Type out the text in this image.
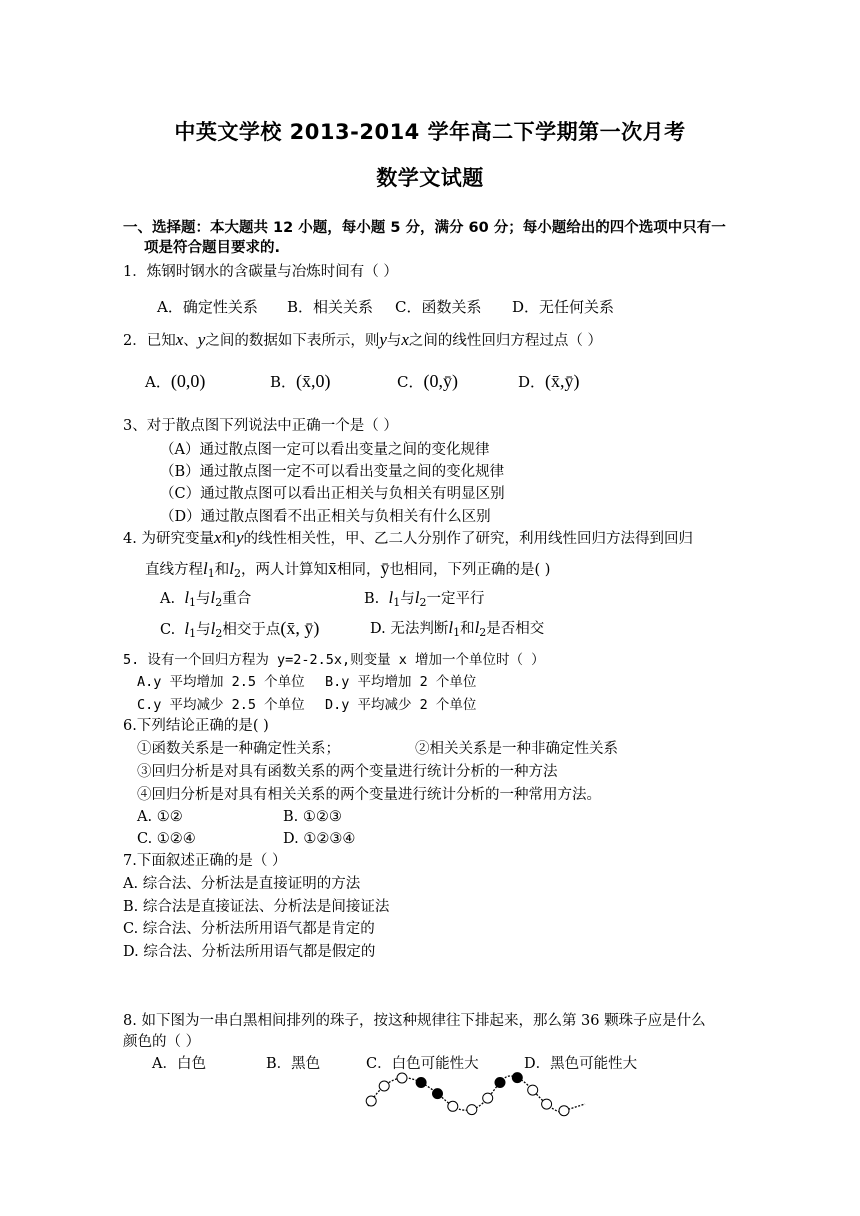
中英文学校 2013-2014 学年高二下学期第一次月考
数学文试题
一、选择题：本大题共 12 小题，每小题 5 分，满分 60 分；每小题给出的四个选项中只有一
项是符合题目要求的.
1．炼钢时钢水的含碳量与冶炼时间有（ ）
A．确定性关系 B．相关关系 C．函数关系 D．无任何关系
2．已知x、y之间的数据如下表所示，则y与x之间的线性回归方程过点（ ）
A．(0,0)	B．(x̄,0)	C．(0,ȳ)	D．(x̄,ȳ)
3、对于散点图下列说法中正确一个是（ ）
（A）通过散点图一定可以看出变量之间的变化规律
（B）通过散点图一定不可以看出变量之间的变化规律
（C）通过散点图可以看出正相关与负相关有明显区别
（D）通过散点图看不出正相关与负相关有什么区别
4. 为研究变量x和y的线性相关性，甲、乙二人分别作了研究，利用线性回归方法得到回归
直线方程$l_1$和$l_2$，两人计算知x̄相同，ȳ也相同，下列正确的是( )
A. $l_1$与$l_2$重合	B. $l_1$与$l_2$一定平行
C. $l_1$与$l_2$相交于点(x̄, ȳ)	D. 无法判断$l_1$和$l_2$是否相交
5. 设有一个回归方程为 y=2-2.5x,则变量 x 增加一个单位时（ ）
A.y 平均增加 2.5 个单位 B.y 平均增加 2 个单位
C.y 平均减少 2.5 个单位 D.y 平均减少 2 个单位
6.下列结论正确的是( )
①函数关系是一种确定性关系；	②相关关系是一种非确定性关系
③回归分析是对具有函数关系的两个变量进行统计分析的一种方法
④回归分析是对具有相关关系的两个变量进行统计分析的一种常用方法。
A. ①②	B. ①②③
C. ①②④	D. ①②③④
7.下面叙述正确的是（ ）
A. 综合法、分析法是直接证明的方法
B. 综合法是直接证法、分析法是间接证法
C. 综合法、分析法所用语气都是肯定的
D. 综合法、分析法所用语气都是假定的
8. 如下图为一串白黑相间排列的珠子，按这种规律往下排起来，那么第 36 颗珠子应是什么
颜色的（ ）
A．白色	B．黑色	C．白色可能性大	D．黑色可能性大
